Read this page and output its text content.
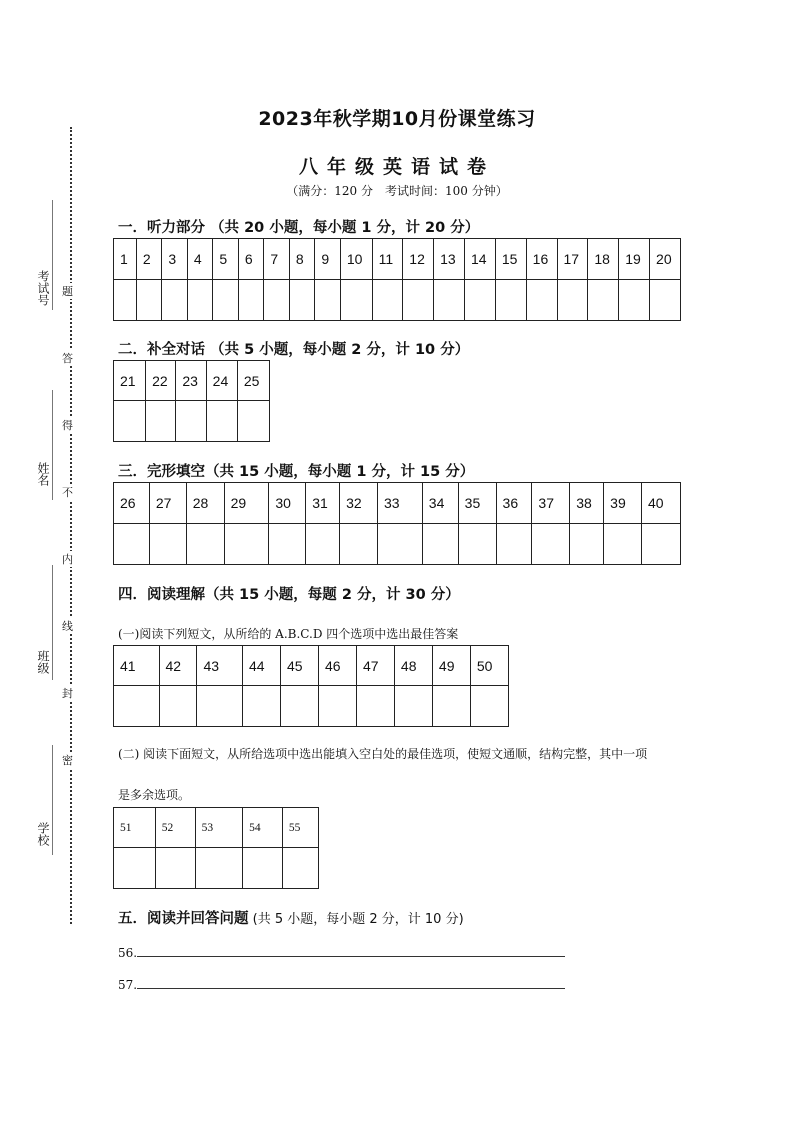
2023年秋学期10月份课堂练习
八年级英语试卷
（满分：120 分　考试时间：100 分钟）
一．听力部分 （共 20 小题，每小题 1 分，计 20 分）
1	2	3	4	5	6	7	8	9	10	11	12	13	14	15	16	17	18	19	20

二．补全对话 （共 5 小题，每小题 2 分，计 10 分）
21	22	23	24	25

三．完形填空（共 15 小题，每小题 1 分，计 15 分）
26	27	28	29	30	31	32	33	34	35	36	37	38	39	40

四．阅读理解（共 15 小题，每题 2 分，计 30 分）
(一)阅读下列短文，从所给的 A.B.C.D 四个选项中选出最佳答案
41	42	43	44	45	46	47	48	49	50

(二) 阅读下面短文，从所给选项中选出能填入空白处的最佳选项，使短文通顺，结构完整，其中一项
是多余选项。
51	52	53	54	55

五．阅读并回答问题 (共 5 小题，每小题 2 分，计 10 分)
56.
57.
题
答
得
不
内
线
封
密
考试号
姓名
班级
学校
